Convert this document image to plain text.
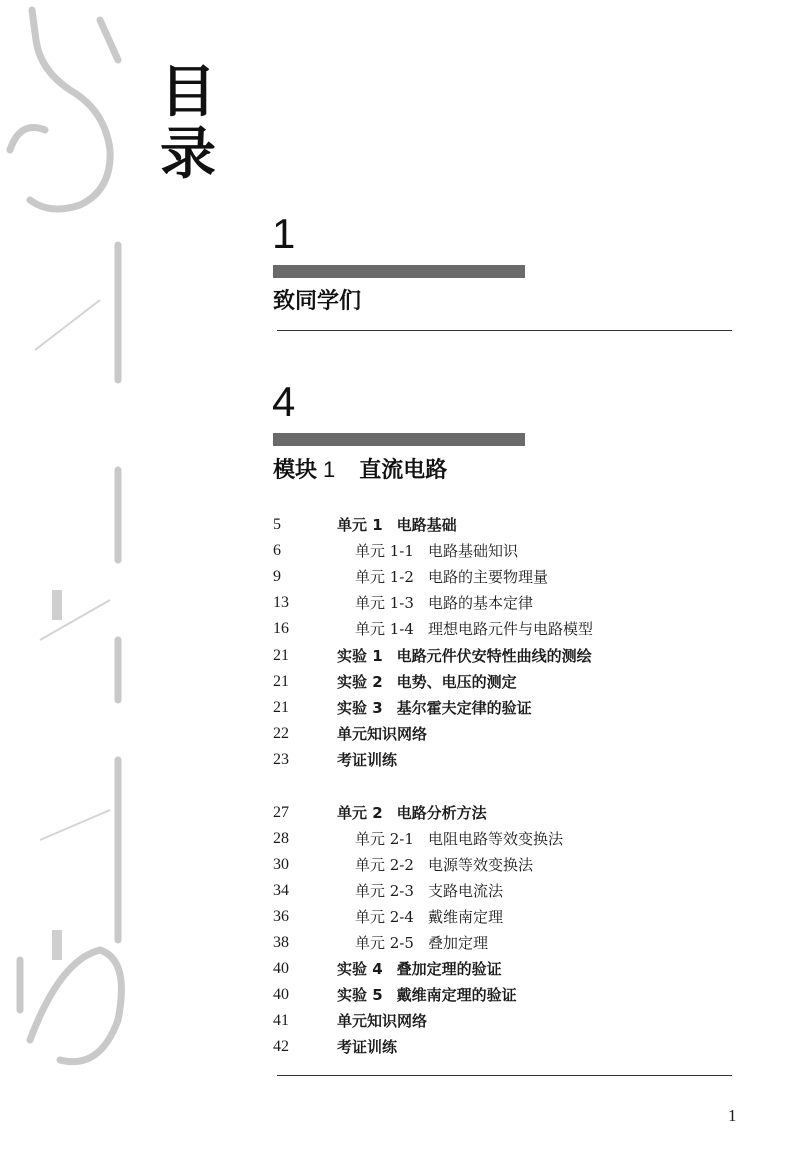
目
录
1
致同学们
4
模块 1 直流电路
5	单元 1 电路基础
6	单元 1-1 电路基础知识
9	单元 1-2 电路的主要物理量
13	单元 1-3 电路的基本定律
16	单元 1-4 理想电路元件与电路模型
21	实验 1 电路元件伏安特性曲线的测绘
21	实验 2 电势、电压的测定
21	实验 3 基尔霍夫定律的验证
22	单元知识网络
23	考证训练
27	单元 2 电路分析方法
28	单元 2-1 电阻电路等效变换法
30	单元 2-2 电源等效变换法
34	单元 2-3 支路电流法
36	单元 2-4 戴维南定理
38	单元 2-5 叠加定理
40	实验 4 叠加定理的验证
40	实验 5 戴维南定理的验证
41	单元知识网络
42	考证训练
1
